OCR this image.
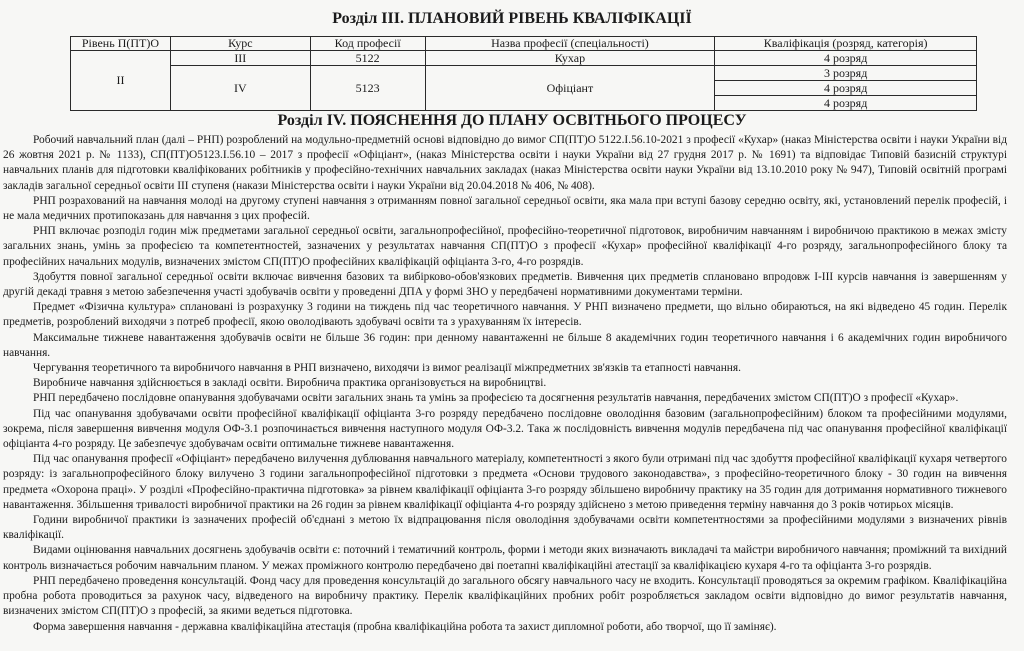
Розділ ІІІ. ПЛАНОВИЙ РІВЕНЬ КВАЛІФІКАЦІЇ
Рівень П(ПТ)О	Курс	Код професії	Назва професії (спеціальності)	Кваліфікація (розряд, категорія)
ІІ	ІІІ	5122	Кухар	4 розряд
	IV	5123	Офіціант	3 розряд
				4 розряд
				4 розряд
Розділ IV. ПОЯСНЕННЯ ДО ПЛАНУ ОСВІТНЬОГО ПРОЦЕСУ

Робочий навчальний план (далі – РНП) розроблений на модульно-предметній основі відповідно до вимог СП(ПТ)О 5122.І.56.10-2021 з професії «Кухар» (наказ Міністерства освіти і науки України від 26 жовтня 2021 р. № 1133), СП(ПТ)О5123.І.56.10 – 2017 з професії «Офіціант», (наказ Міністерства освіти і науки України від 27 грудня 2017 р. № 1691) та відповідає Типовій базисній структурі навчальних планів для підготовки кваліфікованих робітників у професійно-технічних навчальних закладах (наказ Міністерства освіти науки України від 13.10.2010 року № 947), Типовій освітній програмі закладів загальної середньої освіти ІІІ ступеня (накази Міністерства освіти і науки України від 20.04.2018 № 406, № 408).

РНП розрахований на навчання молоді на другому ступені навчання з отриманням повної загальної середньої освіти, яка мала при вступі базову середню освіту, які, установлений перелік професій, і не мала медичних протипоказань для навчання з цих професій.

РНП включає розподіл годин між предметами загальної середньої освіти, загальнопрофесійної, професійно-теоретичної підготовок, виробничим навчанням і виробничою практикою в межах змісту загальних знань, умінь за професією та компетентностей, зазначених у результатах навчання СП(ПТ)О з професії «Кухар» професійної кваліфікації 4-го розряду, загальнопрофесійного блоку та професійних начальних модулів, визначених змістом СП(ПТ)О професійних кваліфікацій офіціанта 3-го, 4-го розрядів.

Здобуття повної загальної середньої освіти включає вивчення базових та вибірково-обов'язкових предметів. Вивчення цих предметів сплановано впродовж І-ІІІ курсів навчання із завершенням у другій декаді травня з метою забезпечення участі здобувачів освіти у проведенні ДПА у формі ЗНО у передбачені нормативними документами терміни.

Предмет «Фізична культура» сплановані із розрахунку 3 години на тиждень під час теоретичного навчання. У РНП визначено предмети, що вільно обираються, на які відведено 45 годин. Перелік предметів, розроблений виходячи з потреб професії, якою оволодівають здобувачі освіти та з урахуванням їх інтересів.

Максимальне тижневе навантаження здобувачів освіти не більше 36 годин: при денному навантаженні не більше 8 академічних годин теоретичного навчання і 6 академічних годин виробничого навчання.

Чергування теоретичного та виробничого навчання в РНП визначено, виходячи із вимог реалізації міжпредметних зв'язків та етапності навчання.

Виробниче навчання здійснюється в закладі освіти. Виробнича практика організовується на виробництві.

РНП передбачено послідовне опанування здобувачами освіти загальних знань та умінь за професією та досягнення результатів навчання, передбачених змістом СП(ПТ)О з професії «Кухар».

Під час опанування здобувачами освіти професійної кваліфікації офіціанта 3-го розряду передбачено послідовне оволодіння базовим (загальнопрофесійним) блоком та професійними модулями, зокрема, після завершення вивчення модуля ОФ-3.1 розпочинається вивчення наступного модуля ОФ-3.2. Така ж послідовність вивчення модулів передбачена під час опанування професійної кваліфікації офіціанта 4-го розряду. Це забезпечує здобувачам освіти оптимальне тижневе навантаження.

Під час опанування професії «Офіціант» передбачено вилучення дублювання навчального матеріалу, компетентності з якого були отримані під час здобуття професійної кваліфікації кухаря четвертого розряду: із загальнопрофесійного блоку вилучено 3 години загальнопрофесійної підготовки з предмета «Основи трудового законодавства», з професійно-теоретичного блоку - 30 годин на вивчення предмета «Охорона праці». У розділі «Професійно-практична підготовка» за рівнем кваліфікації офіціанта 3-го розряду збільшено виробничу практику на 35 годин для дотримання нормативного тижневого навантаження. Збільшення тривалості виробничої практики на 26 годин за рівнем кваліфікації офіціанта 4-го розряду здійснено з метою приведення терміну навчання до 3 років чотирьох місяців.

Години виробничої практики із зазначених професій об'єднані з метою їх відпрацювання після оволодіння здобувачами освіти компетентностями за професійними модулями з визначених рівнів кваліфікації.

Видами оцінювання навчальних досягнень здобувачів освіти є: поточний і тематичний контроль, форми і методи яких визначають викладачі та майстри виробничого навчання; проміжний та вихідний контроль визначається робочим навчальним планом. У межах проміжного контролю передбачено дві поетапні кваліфікаційні атестації за кваліфікацією кухаря 4-го та офіціанта 3-го розрядів.

РНП передбачено проведення консультацій. Фонд часу для проведення консультацій до загального обсягу навчального часу не входить. Консультації проводяться за окремим графіком. Кваліфікаційна пробна робота проводиться за рахунок часу, відведеного на виробничу практику. Перелік кваліфікаційних пробних робіт розробляється закладом освіти відповідно до вимог результатів навчання, визначених змістом СП(ПТ)О з професій, за якими ведеться підготовка.

Форма завершення навчання - державна кваліфікаційна атестація (пробна кваліфікаційна робота та захист дипломної роботи, або творчої, що її заміняє).
